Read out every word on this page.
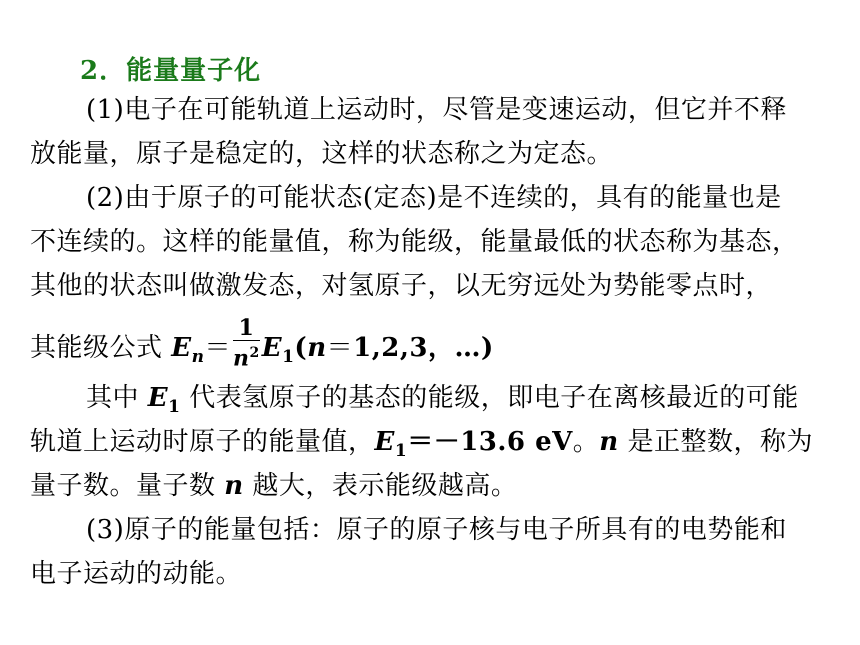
2．能量量子化
(1)电子在可能轨道上运动时，尽管是变速运动，但它并不释
放能量，原子是稳定的，这样的状态称之为定态。
(2)由于原子的可能状态(定态)是不连续的，具有的能量也是
不连续的。这样的能量值，称为能级，能量最低的状态称为基态，
其他的状态叫做激发态，对氢原子，以无穷远处为势能零点时，
其能级公式 $E_n= \frac{1}{n^2} E_1(n=1,2,3$，…)
其中 $E_1$ 代表氢原子的基态的能级，即电子在离核最近的可能
轨道上运动时原子的能量值，$E_1=-13.6$ eV。n 是正整数，称为
量子数。量子数 n 越大，表示能级越高。
(3)原子的能量包括：原子的原子核与电子所具有的电势能和
电子运动的动能。
